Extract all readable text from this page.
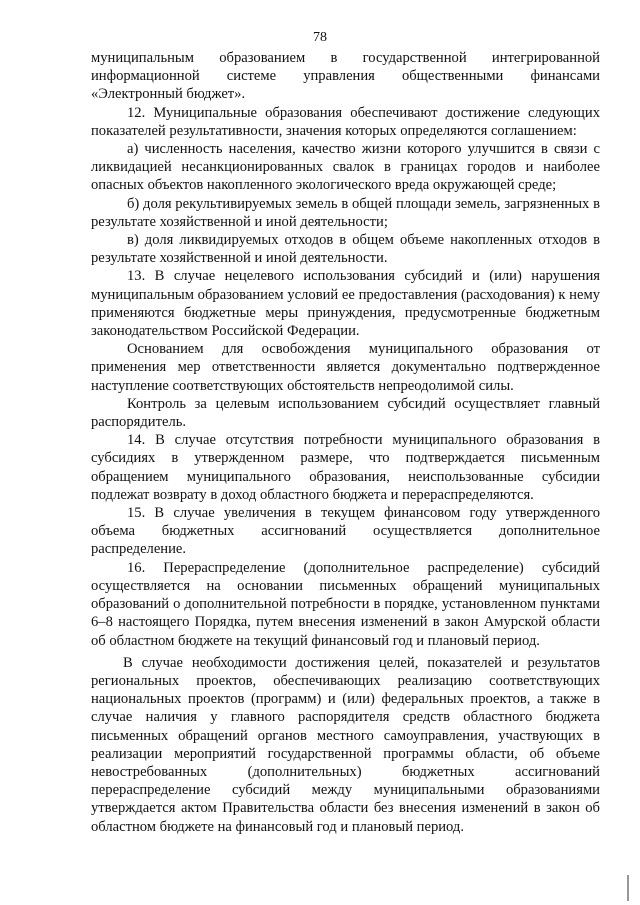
78

муниципальным образованием в государственной интегрированной информационной системе управления общественными финансами «Электронный бюджет».

12. Муниципальные образования обеспечивают достижение следующих показателей результативности, значения которых определяются соглашением:

а) численность населения, качество жизни которого улучшится в связи с ликвидацией несанкционированных свалок в границах городов и наиболее опасных объектов накопленного экологического вреда окружающей среде;

б) доля рекультивируемых земель в общей площади земель, загрязненных в результате хозяйственной и иной деятельности;

в) доля ликвидируемых отходов в общем объеме накопленных отходов в результате хозяйственной и иной деятельности.

13. В случае нецелевого использования субсидий и (или) нарушения муниципальным образованием условий ее предоставления (расходования) к нему применяются бюджетные меры принуждения, предусмотренные бюджетным законодательством Российской Федерации.

Основанием для освобождения муниципального образования от применения мер ответственности является документально подтвержденное наступление соответствующих обстоятельств непреодолимой силы.

Контроль за целевым использованием субсидий осуществляет главный распорядитель.

14. В случае отсутствия потребности муниципального образования в субсидиях в утвержденном размере, что подтверждается письменным обращением муниципального образования, неиспользованные субсидии подлежат возврату в доход областного бюджета и перераспределяются.

15. В случае увеличения в текущем финансовом году утвержденного объема бюджетных ассигнований осуществляется дополнительное распределение.

16. Перераспределение (дополнительное распределение) субсидий осуществляется на основании письменных обращений муниципальных образований о дополнительной потребности в порядке, установленном пунктами 6–8 настоящего Порядка, путем внесения изменений в закон Амурской области об областном бюджете на текущий финансовый год и плановый период.

В случае необходимости достижения целей, показателей и результатов региональных проектов, обеспечивающих реализацию соответствующих национальных проектов (программ) и (или) федеральных проектов, а также в случае наличия у главного распорядителя средств областного бюджета письменных обращений органов местного самоуправления, участвующих в реализации мероприятий государственной программы области, об объеме невостребованных (дополнительных) бюджетных ассигнований перераспределение субсидий между муниципальными образованиями утверждается актом Правительства области без внесения изменений в закон об областном бюджете на финансовый год и плановый период.
